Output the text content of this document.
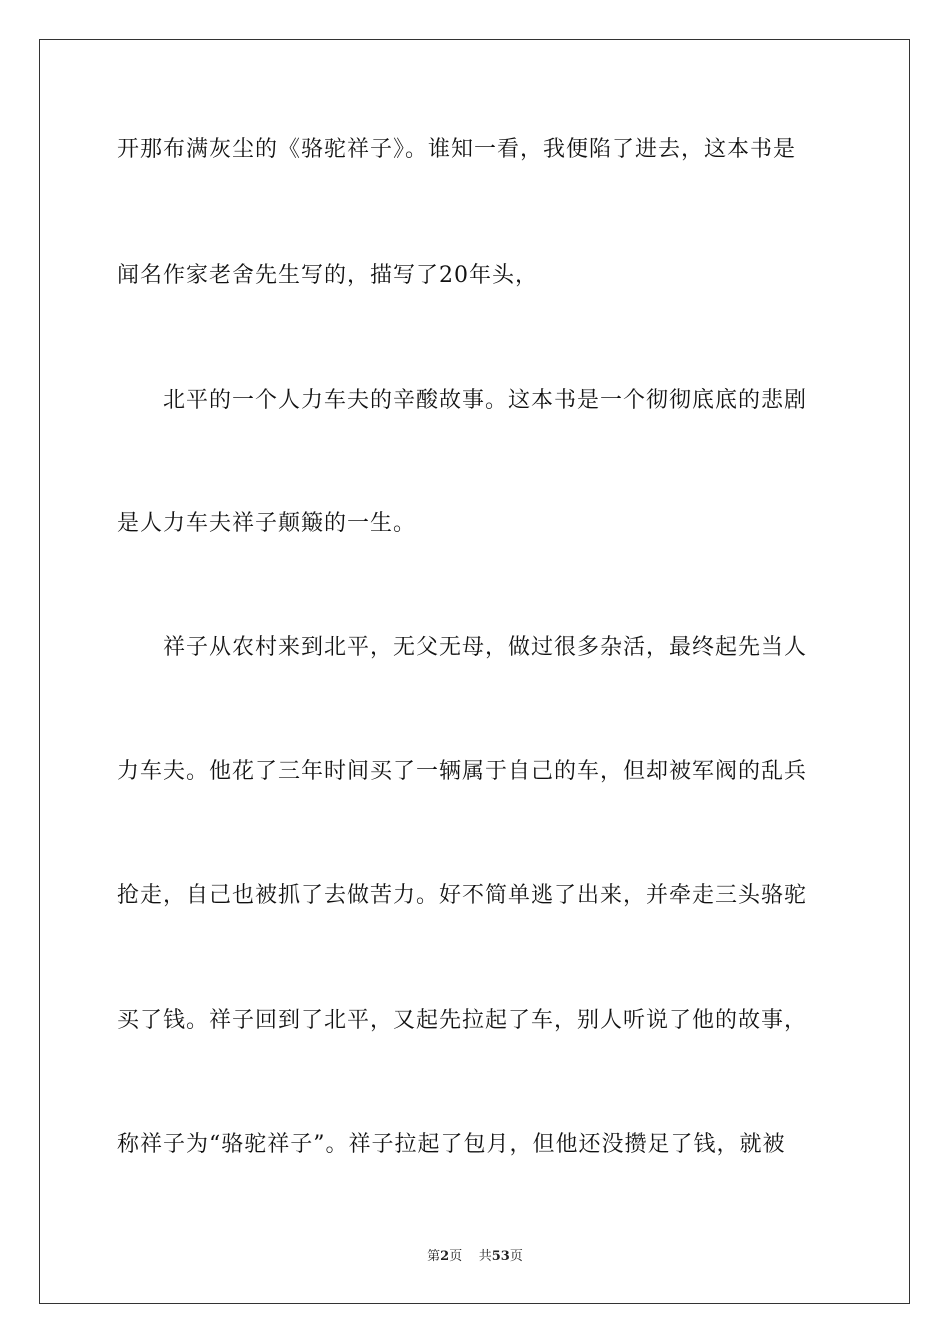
开那布满灰尘的《骆驼祥子》。谁知一看，我便陷了进去，这本书是
闻名作家老舍先生写的，描写了20年头，
北平的一个人力车夫的辛酸故事。这本书是一个彻彻底底的悲剧
是人力车夫祥子颠簸的一生。
祥子从农村来到北平，无父无母，做过很多杂活，最终起先当人
力车夫。他花了三年时间买了一辆属于自己的车，但却被军阀的乱兵
抢走，自己也被抓了去做苦力。好不简单逃了出来，并牵走三头骆驼
买了钱。祥子回到了北平，又起先拉起了车，别人听说了他的故事，
称祥子为“骆驼祥子”。祥子拉起了包月，但他还没攒足了钱，就被
第2页 共53页
